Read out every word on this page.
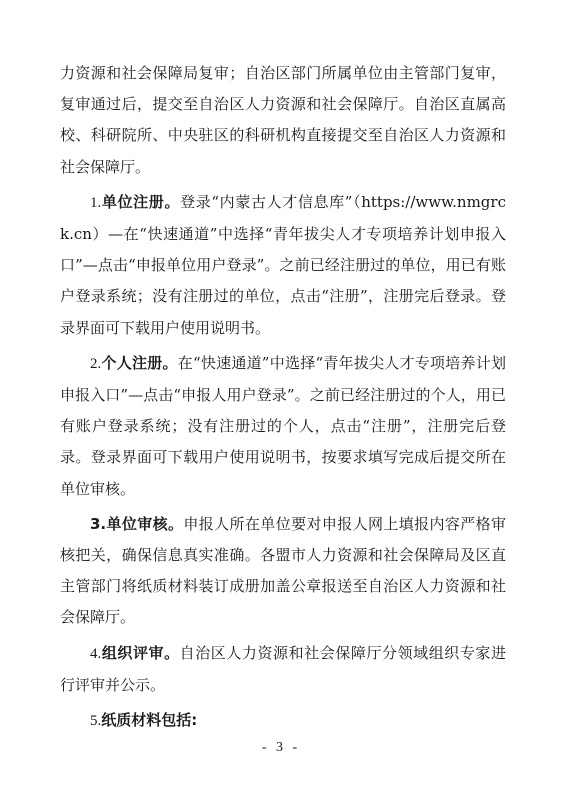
力资源和社会保障局复审；自治区部门所属单位由主管部门复审，复审通过后，提交至自治区人力资源和社会保障厅。自治区直属高校、科研院所、中央驻区的科研机构直接提交至自治区人力资源和社会保障厅。

1.单位注册。登录“内蒙古人才信息库”（https://www.nmgrck.cn）—在“快速通道”中选择“青年拔尖人才专项培养计划申报入口”—点击“申报单位用户登录”。之前已经注册过的单位，用已有账户登录系统；没有注册过的单位，点击“注册”，注册完后登录。登录界面可下载用户使用说明书。

2.个人注册。在“快速通道”中选择“青年拔尖人才专项培养计划申报入口”—点击“申报人用户登录”。之前已经注册过的个人，用已有账户登录系统；没有注册过的个人，点击“注册”，注册完后登录。登录界面可下载用户使用说明书，按要求填写完成后提交所在单位审核。

3.单位审核。申报人所在单位要对申报人网上填报内容严格审核把关，确保信息真实准确。各盟市人力资源和社会保障局及区直主管部门将纸质材料装订成册加盖公章报送至自治区人力资源和社会保障厅。

4.组织评审。自治区人力资源和社会保障厅分领域组织专家进行评审并公示。

5.纸质材料包括:

- 3 -
